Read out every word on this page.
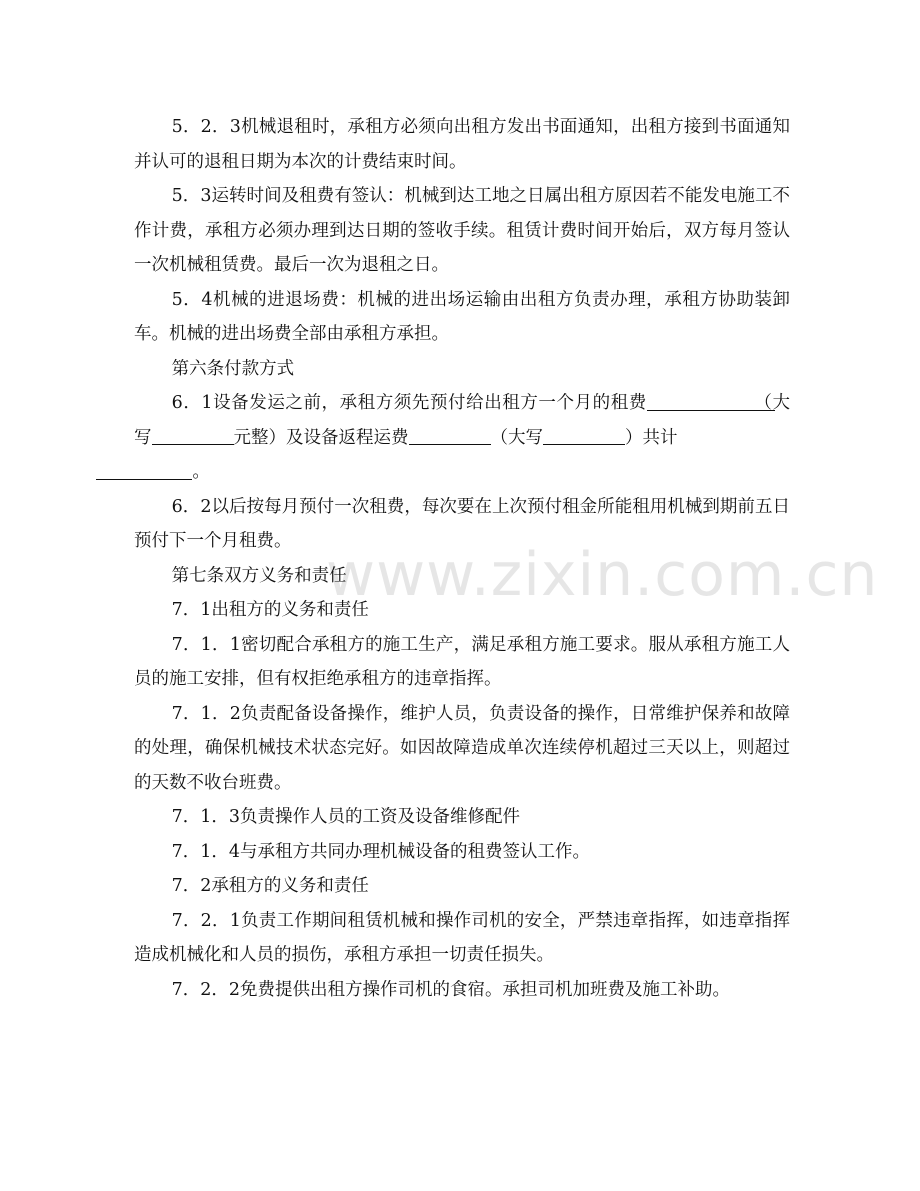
www.zixin.com.cn

5．2．3机械退租时，承租方必须向出租方发出书面通知，出租方接到书面通知并认可的退租日期为本次的计费结束时间。

5．3运转时间及租费有签认：机械到达工地之日属出租方原因若不能发电施工不作计费，承租方必须办理到达日期的签收手续。租赁计费时间开始后，双方每月签认一次机械租赁费。最后一次为退租之日。

5．4机械的进退场费：机械的进出场运输由出租方负责办理，承租方协助装卸车。机械的进出场费全部由承租方承担。

第六条付款方式

6．1设备发运之前，承租方须先预付给出租方一个月的租费	（大写	元整）及设备返程运费	（大写	）共计
。

6．2以后按每月预付一次租费，每次要在上次预付租金所能租用机械到期前五日预付下一个月租费。

第七条双方义务和责任

7．1出租方的义务和责任

7．1．1密切配合承租方的施工生产，满足承租方施工要求。服从承租方施工人员的施工安排，但有权拒绝承租方的违章指挥。

7．1．2负责配备设备操作，维护人员，负责设备的操作，日常维护保养和故障的处理，确保机械技术状态完好。如因故障造成单次连续停机超过三天以上，则超过的天数不收台班费。

7．1．3负责操作人员的工资及设备维修配件

7．1．4与承租方共同办理机械设备的租费签认工作。

7．2承租方的义务和责任

7．2．1负责工作期间租赁机械和操作司机的安全，严禁违章指挥，如违章指挥造成机械化和人员的损伤，承租方承担一切责任损失。

7．2．2免费提供出租方操作司机的食宿。承担司机加班费及施工补助。
